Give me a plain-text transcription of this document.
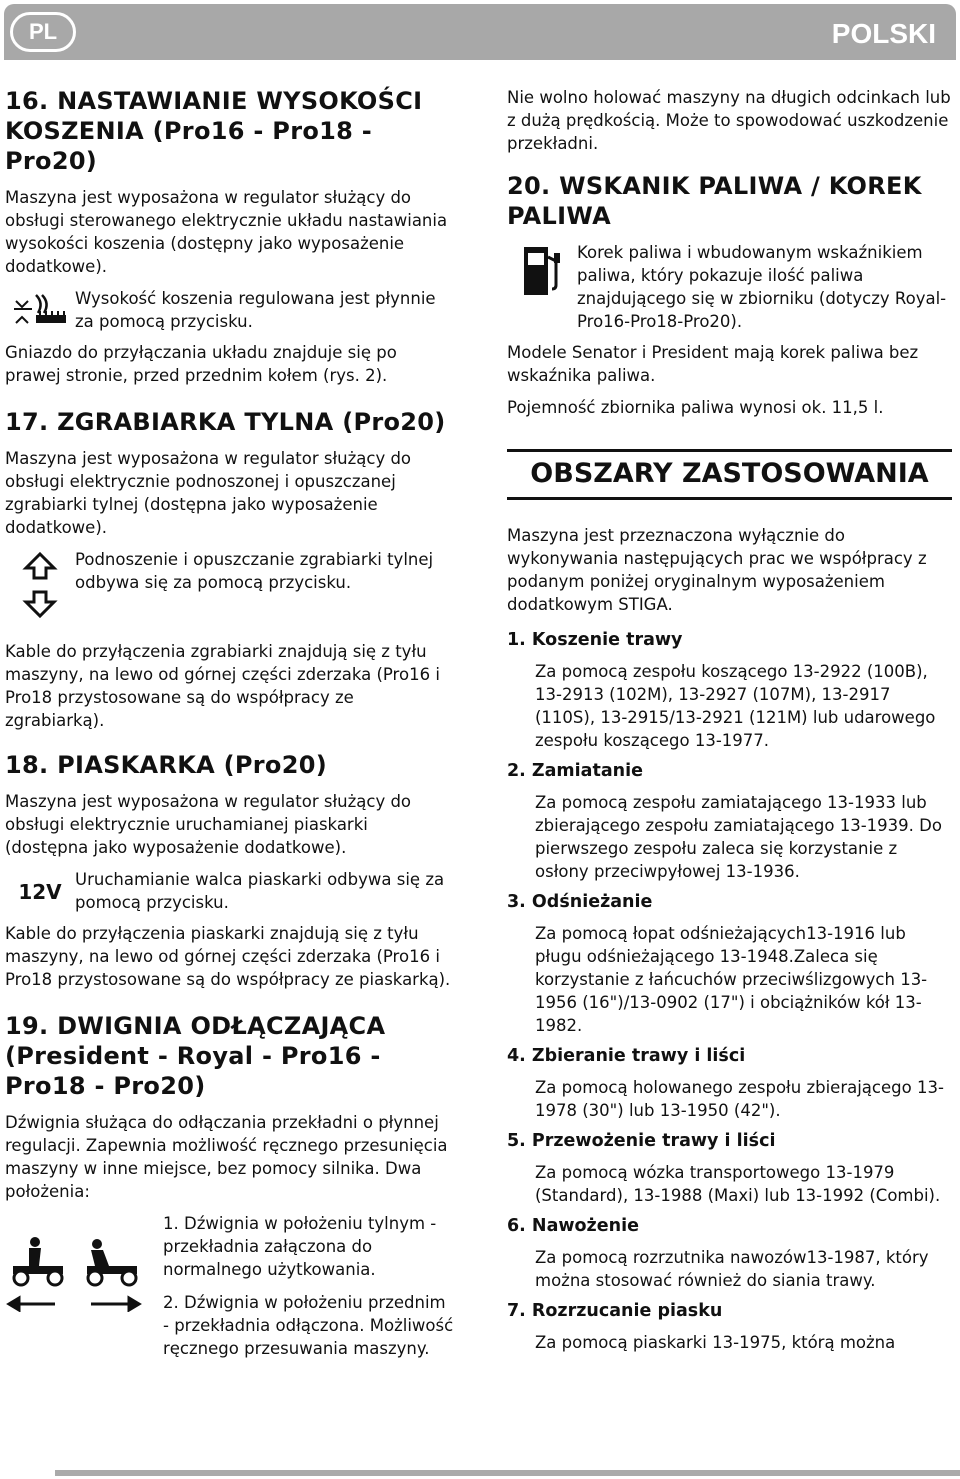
PL	POLSKI
16. NASTAWIANIE WYSOKOŚCI KOSZENIA (Pro16 - Pro18 - Pro20)

Maszyna jest wyposażona w regulator służący do obsługi sterowanego elektrycznie układu nastawiania wysokości koszenia (dostępny jako wyposażenie dodatkowe).

Wysokość koszenia regulowana jest płynnie za pomocą przycisku.

Gniazdo do przyłączania układu znajduje się po prawej stronie, przed przednim kołem (rys. 2).

17. ZGRABIARKA TYLNA (Pro20)

Maszyna jest wyposażona w regulator służący do obsługi elektrycznie podnoszonej i opuszczanej zgrabiarki tylnej (dostępna jako wyposażenie dodatkowe).

Podnoszenie i opuszczanie zgrabiarki tylnej odbywa się za pomocą przycisku.

Kable do przyłączenia zgrabiarki znajdują się z tyłu maszyny, na lewo od górnej części zderzaka (Pro16 i Pro18 przystosowane są do współpracy ze zgrabiarką).

18. PIASKARKA (Pro20)

Maszyna jest wyposażona w regulator służący do obsługi elektrycznie uruchamianej piaskarki (dostępna jako wyposażenie dodatkowe).

12V

Uruchamianie walca piaskarki odbywa się za pomocą przycisku.

Kable do przyłączenia piaskarki znajdują się z tyłu maszyny, na lewo od górnej części zderzaka (Pro16 i Pro18 przystosowane są do współpracy ze piaskarką).

19. DWIGNIA ODŁĄCZAJĄCA (President - Royal - Pro16 - Pro18 - Pro20)

Dźwignia służąca do odłączania przekładni o płynnej regulacji. Zapewnia możliwość ręcznego przesunięcia maszyny w inne miejsce, bez pomocy silnika. Dwa położenia:

1. Dźwignia w położeniu tylnym - przekładnia załączona do normalnego użytkowania.

2. Dźwignia w położeniu przednim - przekładnia odłączona. Możliwość ręcznego przesuwania maszyny.

Nie wolno holować maszyny na długich odcinkach lub z dużą prędkością. Może to spowodować uszkodzenie przekładni.

20. WSKANIK PALIWA / KOREK PALIWA

Korek paliwa i wbudowanym wskaźnikiem paliwa, który pokazuje ilość paliwa znajdującego się w zbiorniku (dotyczy Royal-Pro16-Pro18-Pro20).

Modele Senator i President mają korek paliwa bez wskaźnika paliwa.

Pojemność zbiornika paliwa wynosi ok. 11,5 l.

OBSZARY ZASTOSOWANIA

Maszyna jest przeznaczona wyłącznie do wykonywania następujących prac we współpracy z podanym poniżej oryginalnym wyposażeniem dodatkowym STIGA.

1. Koszenie trawy

Za pomocą zespołu koszącego 13-2922 (100B), 13-2913 (102M), 13-2927 (107M), 13-2917 (110S), 13-2915/13-2921 (121M) lub udarowego zespołu koszącego 13-1977.

2. Zamiatanie

Za pomocą zespołu zamiatającego 13-1933 lub zbierającego zespołu zamiatającego 13-1939. Do pierwszego zespołu zaleca się korzystanie z osłony przeciwpyłowej 13-1936.

3. Odśnieżanie

Za pomocą łopat odśnieżających13-1916 lub pługu odśnieżającego 13-1948.Zaleca się korzystanie z łańcuchów przeciwślizgowych 13-1956 (16")/13-0902 (17") i obciążników kół 13-1982.

4. Zbieranie trawy i liści

Za pomocą holowanego zespołu zbierającego 13-1978 (30") lub 13-1950 (42").

5. Przewożenie trawy i liści

Za pomocą wózka transportowego 13-1979 (Standard), 13-1988 (Maxi) lub 13-1992 (Combi).

6. Nawożenie

Za pomocą rozrzutnika nawozów13-1987, który można stosować również do siania trawy.

7. Rozrzucanie piasku

Za pomocą piaskarki 13-1975, którą można
